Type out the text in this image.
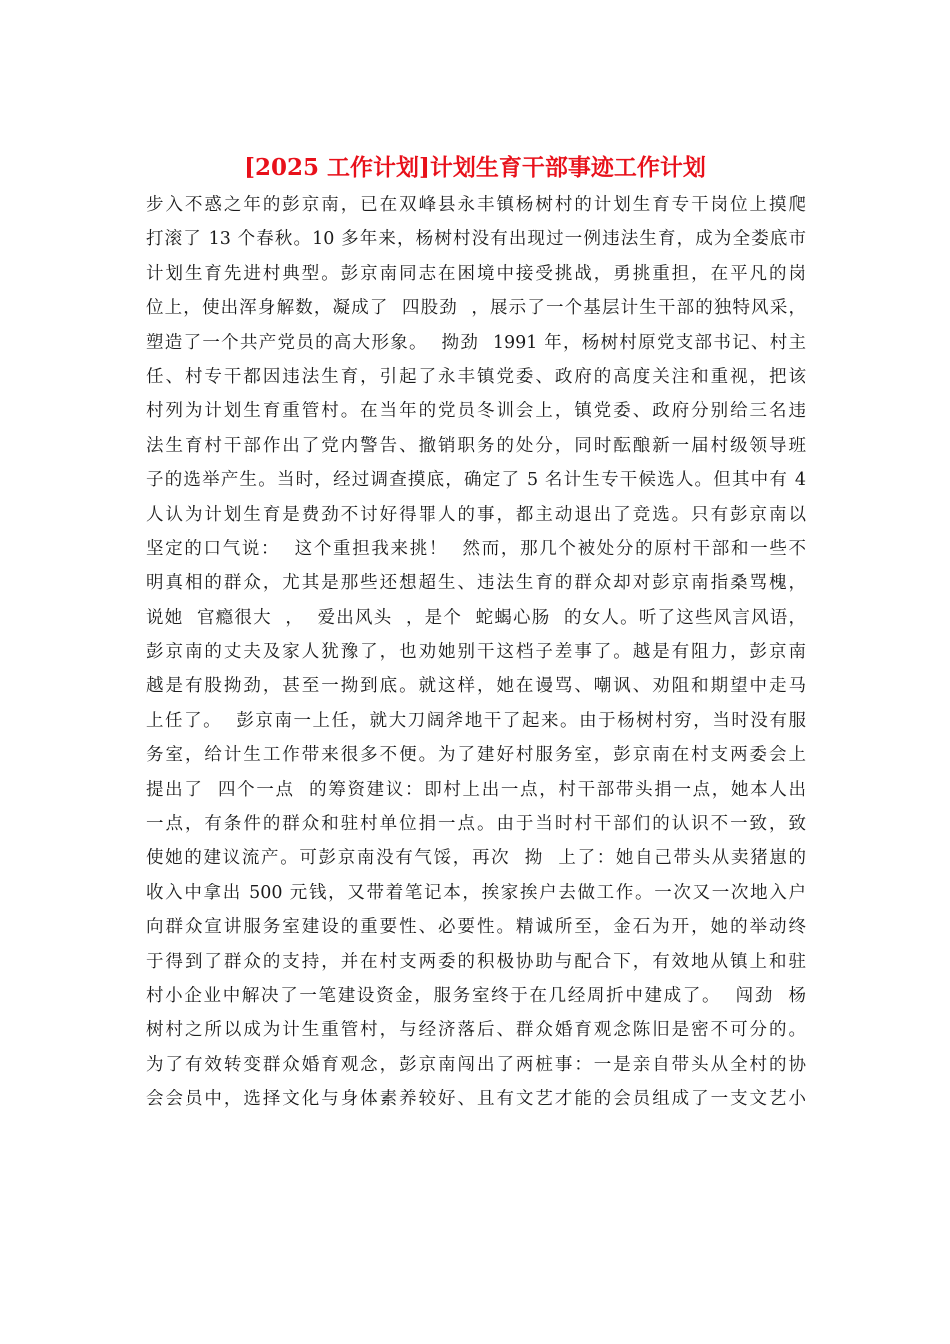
[2025 工作计划]计划生育干部事迹工作计划
步入不惑之年的彭京南，已在双峰县永丰镇杨树村的计划生育专干岗位上摸爬
打滚了 13 个春秋。10 多年来，杨树村没有出现过一例违法生育，成为全娄底市
计划生育先进村典型。彭京南同志在困境中接受挑战，勇挑重担，在平凡的岗
位上，使出浑身解数，凝成了  四股劲  ，展示了一个基层计生干部的独特风采，
塑造了一个共产党员的高大形象。  拗劲  1991 年，杨树村原党支部书记、村主
任、村专干都因违法生育，引起了永丰镇党委、政府的高度关注和重视，把该
村列为计划生育重管村。在当年的党员冬训会上，镇党委、政府分别给三名违
法生育村干部作出了党内警告、撤销职务的处分，同时酝酿新一届村级领导班
子的选举产生。当时，经过调查摸底，确定了 5 名计生专干候选人。但其中有 4
人认为计划生育是费劲不讨好得罪人的事，都主动退出了竞选。只有彭京南以
坚定的口气说：  这个重担我来挑！  然而，那几个被处分的原村干部和一些不
明真相的群众，尤其是那些还想超生、违法生育的群众却对彭京南指桑骂槐，
说她  官瘾很大  ，  爱出风头  ，是个  蛇蝎心肠  的女人。听了这些风言风语，
彭京南的丈夫及家人犹豫了，也劝她别干这档子差事了。越是有阻力，彭京南
越是有股拗劲，甚至一拗到底。就这样，她在谩骂、嘲讽、劝阻和期望中走马
上任了。  彭京南一上任，就大刀阔斧地干了起来。由于杨树村穷，当时没有服
务室，给计生工作带来很多不便。为了建好村服务室，彭京南在村支两委会上
提出了  四个一点  的筹资建议：即村上出一点，村干部带头捐一点，她本人出
一点，有条件的群众和驻村单位捐一点。由于当时村干部们的认识不一致，致
使她的建议流产。可彭京南没有气馁，再次  拗  上了：她自己带头从卖猪崽的
收入中拿出 500 元钱，又带着笔记本，挨家挨户去做工作。一次又一次地入户
向群众宣讲服务室建设的重要性、必要性。精诚所至，金石为开，她的举动终
于得到了群众的支持，并在村支两委的积极协助与配合下，有效地从镇上和驻
村小企业中解决了一笔建设资金，服务室终于在几经周折中建成了。  闯劲  杨
树村之所以成为计生重管村，与经济落后、群众婚育观念陈旧是密不可分的。
为了有效转变群众婚育观念，彭京南闯出了两桩事：一是亲自带头从全村的协
会会员中，选择文化与身体素养较好、且有文艺才能的会员组成了一支文艺小
